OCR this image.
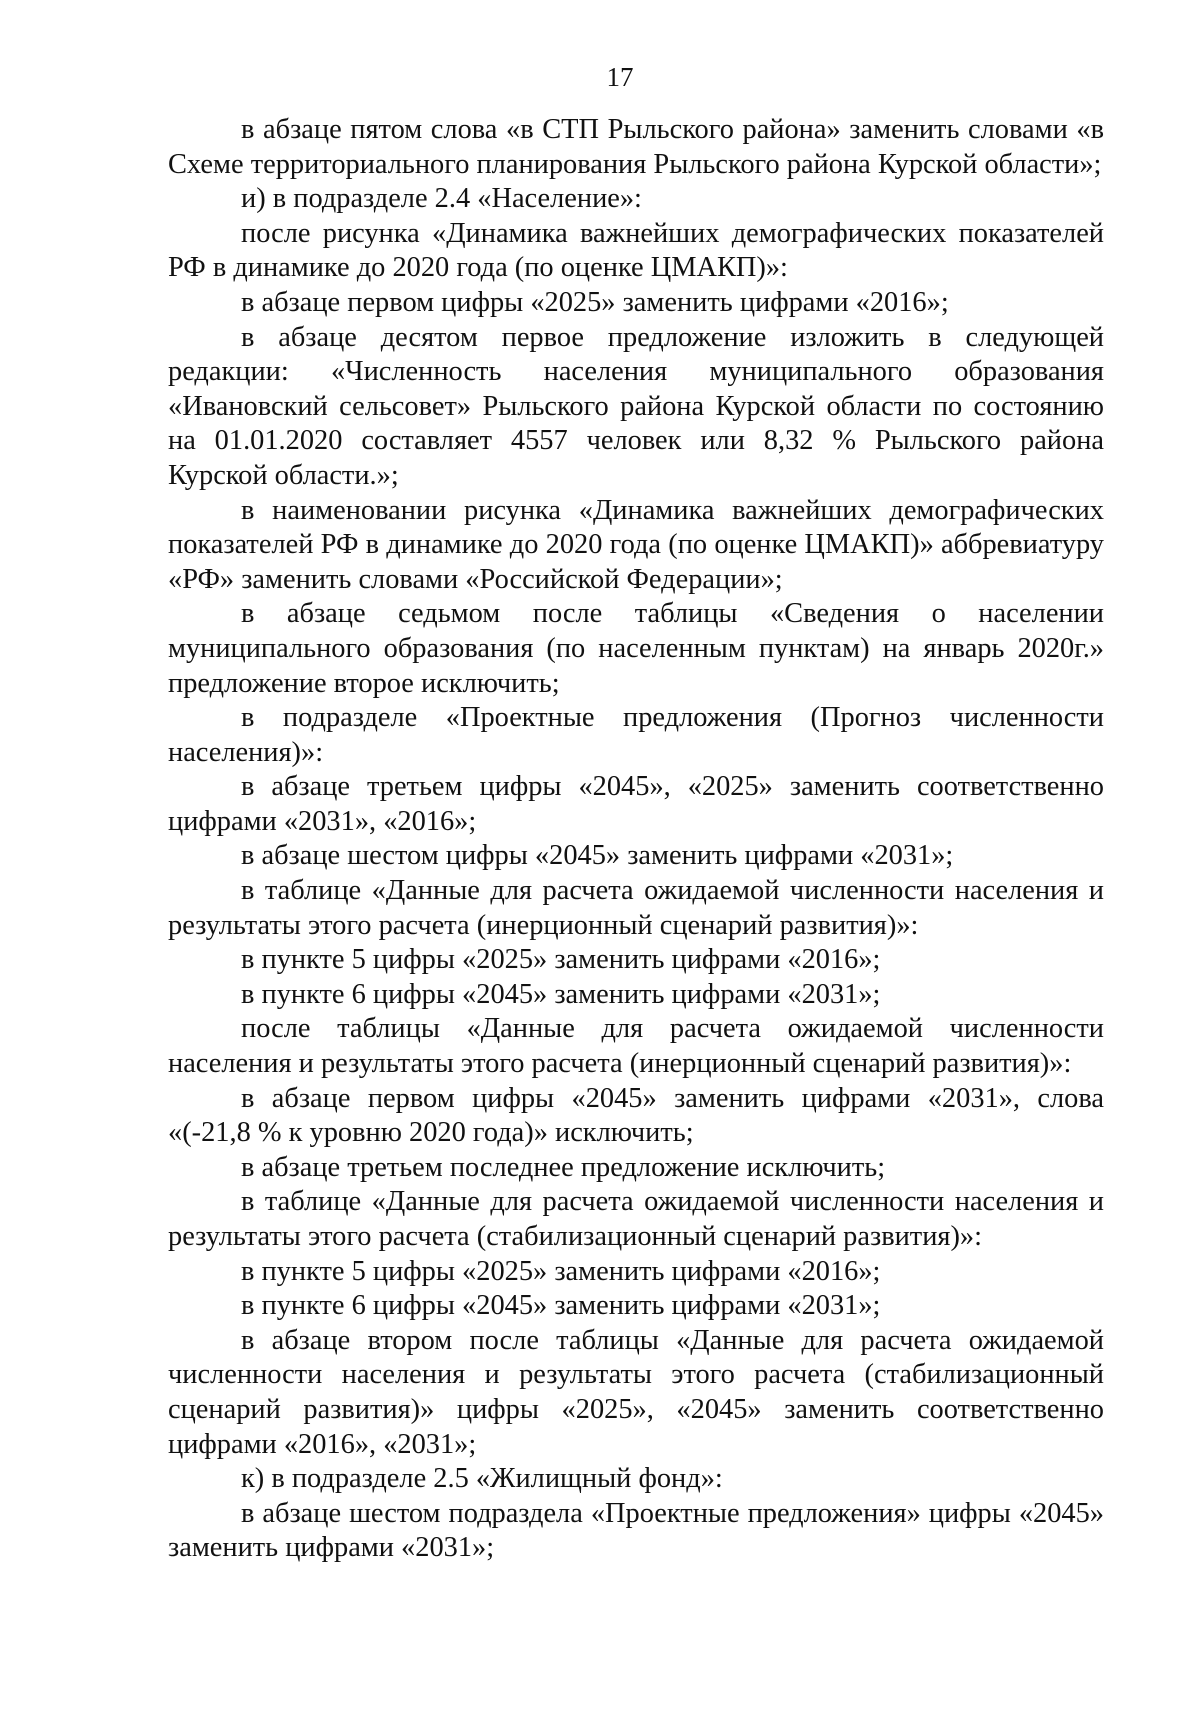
17

в абзаце пятом слова «в СТП Рыльского района» заменить словами «в Схеме территориального планирования Рыльского района Курской области»;

и) в подразделе 2.4 «Население»:

после рисунка «Динамика важнейших демографических показателей РФ в динамике до 2020 года (по оценке ЦМАКП)»:

в абзаце первом цифры «2025» заменить цифрами «2016»;

в абзаце десятом первое предложение изложить в следующей редакции: «Численность населения муниципального образования «Ивановский сельсовет» Рыльского района Курской области по состоянию на 01.01.2020 составляет 4557 человек или 8,32 % Рыльского района Курской области.»;

в наименовании рисунка «Динамика важнейших демографических показателей РФ в динамике до 2020 года (по оценке ЦМАКП)» аббревиатуру «РФ» заменить словами «Российской Федерации»;

в абзаце седьмом после таблицы «Сведения о населении муниципального образования (по населенным пунктам) на январь 2020г.» предложение второе исключить;

в подразделе «Проектные предложения (Прогноз численности населения)»:

в абзаце третьем цифры «2045», «2025» заменить соответственно цифрами «2031», «2016»;

в абзаце шестом цифры «2045» заменить цифрами «2031»;

в таблице «Данные для расчета ожидаемой численности населения и результаты этого расчета (инерционный сценарий развития)»:

в пункте 5 цифры «2025» заменить цифрами «2016»;

в пункте 6 цифры «2045» заменить цифрами «2031»;

после таблицы «Данные для расчета ожидаемой численности населения и результаты этого расчета (инерционный сценарий развития)»:

в абзаце первом цифры «2045» заменить цифрами «2031», слова «(-21,8 % к уровню 2020 года)» исключить;

в абзаце третьем последнее предложение исключить;

в таблице «Данные для расчета ожидаемой численности населения и результаты этого расчета (стабилизационный сценарий развития)»:

в пункте 5 цифры «2025» заменить цифрами «2016»;

в пункте 6 цифры «2045» заменить цифрами «2031»;

в абзаце втором после таблицы «Данные для расчета ожидаемой численности населения и результаты этого расчета (стабилизационный сценарий развития)» цифры «2025», «2045» заменить соответственно цифрами «2016», «2031»;

к) в подразделе 2.5 «Жилищный фонд»:

в абзаце шестом подраздела «Проектные предложения» цифры «2045» заменить цифрами «2031»;
